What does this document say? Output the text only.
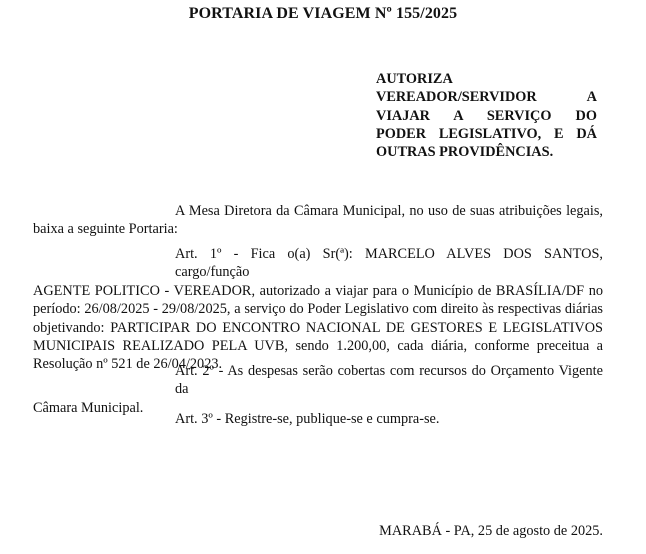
PORTARIA DE VIAGEM Nº 155/2025
AUTORIZA
VEREADOR/SERVIDOR A
VIAJAR A SERVIÇO DO
PODER LEGISLATIVO, E DÁ
OUTRAS PROVIDÊNCIAS.
A Mesa Diretora da Câmara Municipal, no uso de suas atribuições legais,
baixa a seguinte Portaria:
Art. 1º - Fica o(a) Sr(ª): MARCELO ALVES DOS SANTOS, cargo/função
AGENTE POLITICO - VEREADOR, autorizado a viajar para o Município de BRASÍLIA/DF no
período: 26/08/2025 - 29/08/2025, a serviço do Poder Legislativo com direito às respectivas diárias
objetivando: PARTICIPAR DO ENCONTRO NACIONAL DE GESTORES E LEGISLATIVOS
MUNICIPAIS REALIZADO PELA UVB, sendo 1.200,00, cada diária, conforme preceitua a
Resolução nº 521 de 26/04/2023.
Art. 2º - As despesas serão cobertas com recursos do Orçamento Vigente da
Câmara Municipal.
Art. 3º - Registre-se, publique-se e cumpra-se.
MARABÁ - PA, 25 de agosto de 2025.
